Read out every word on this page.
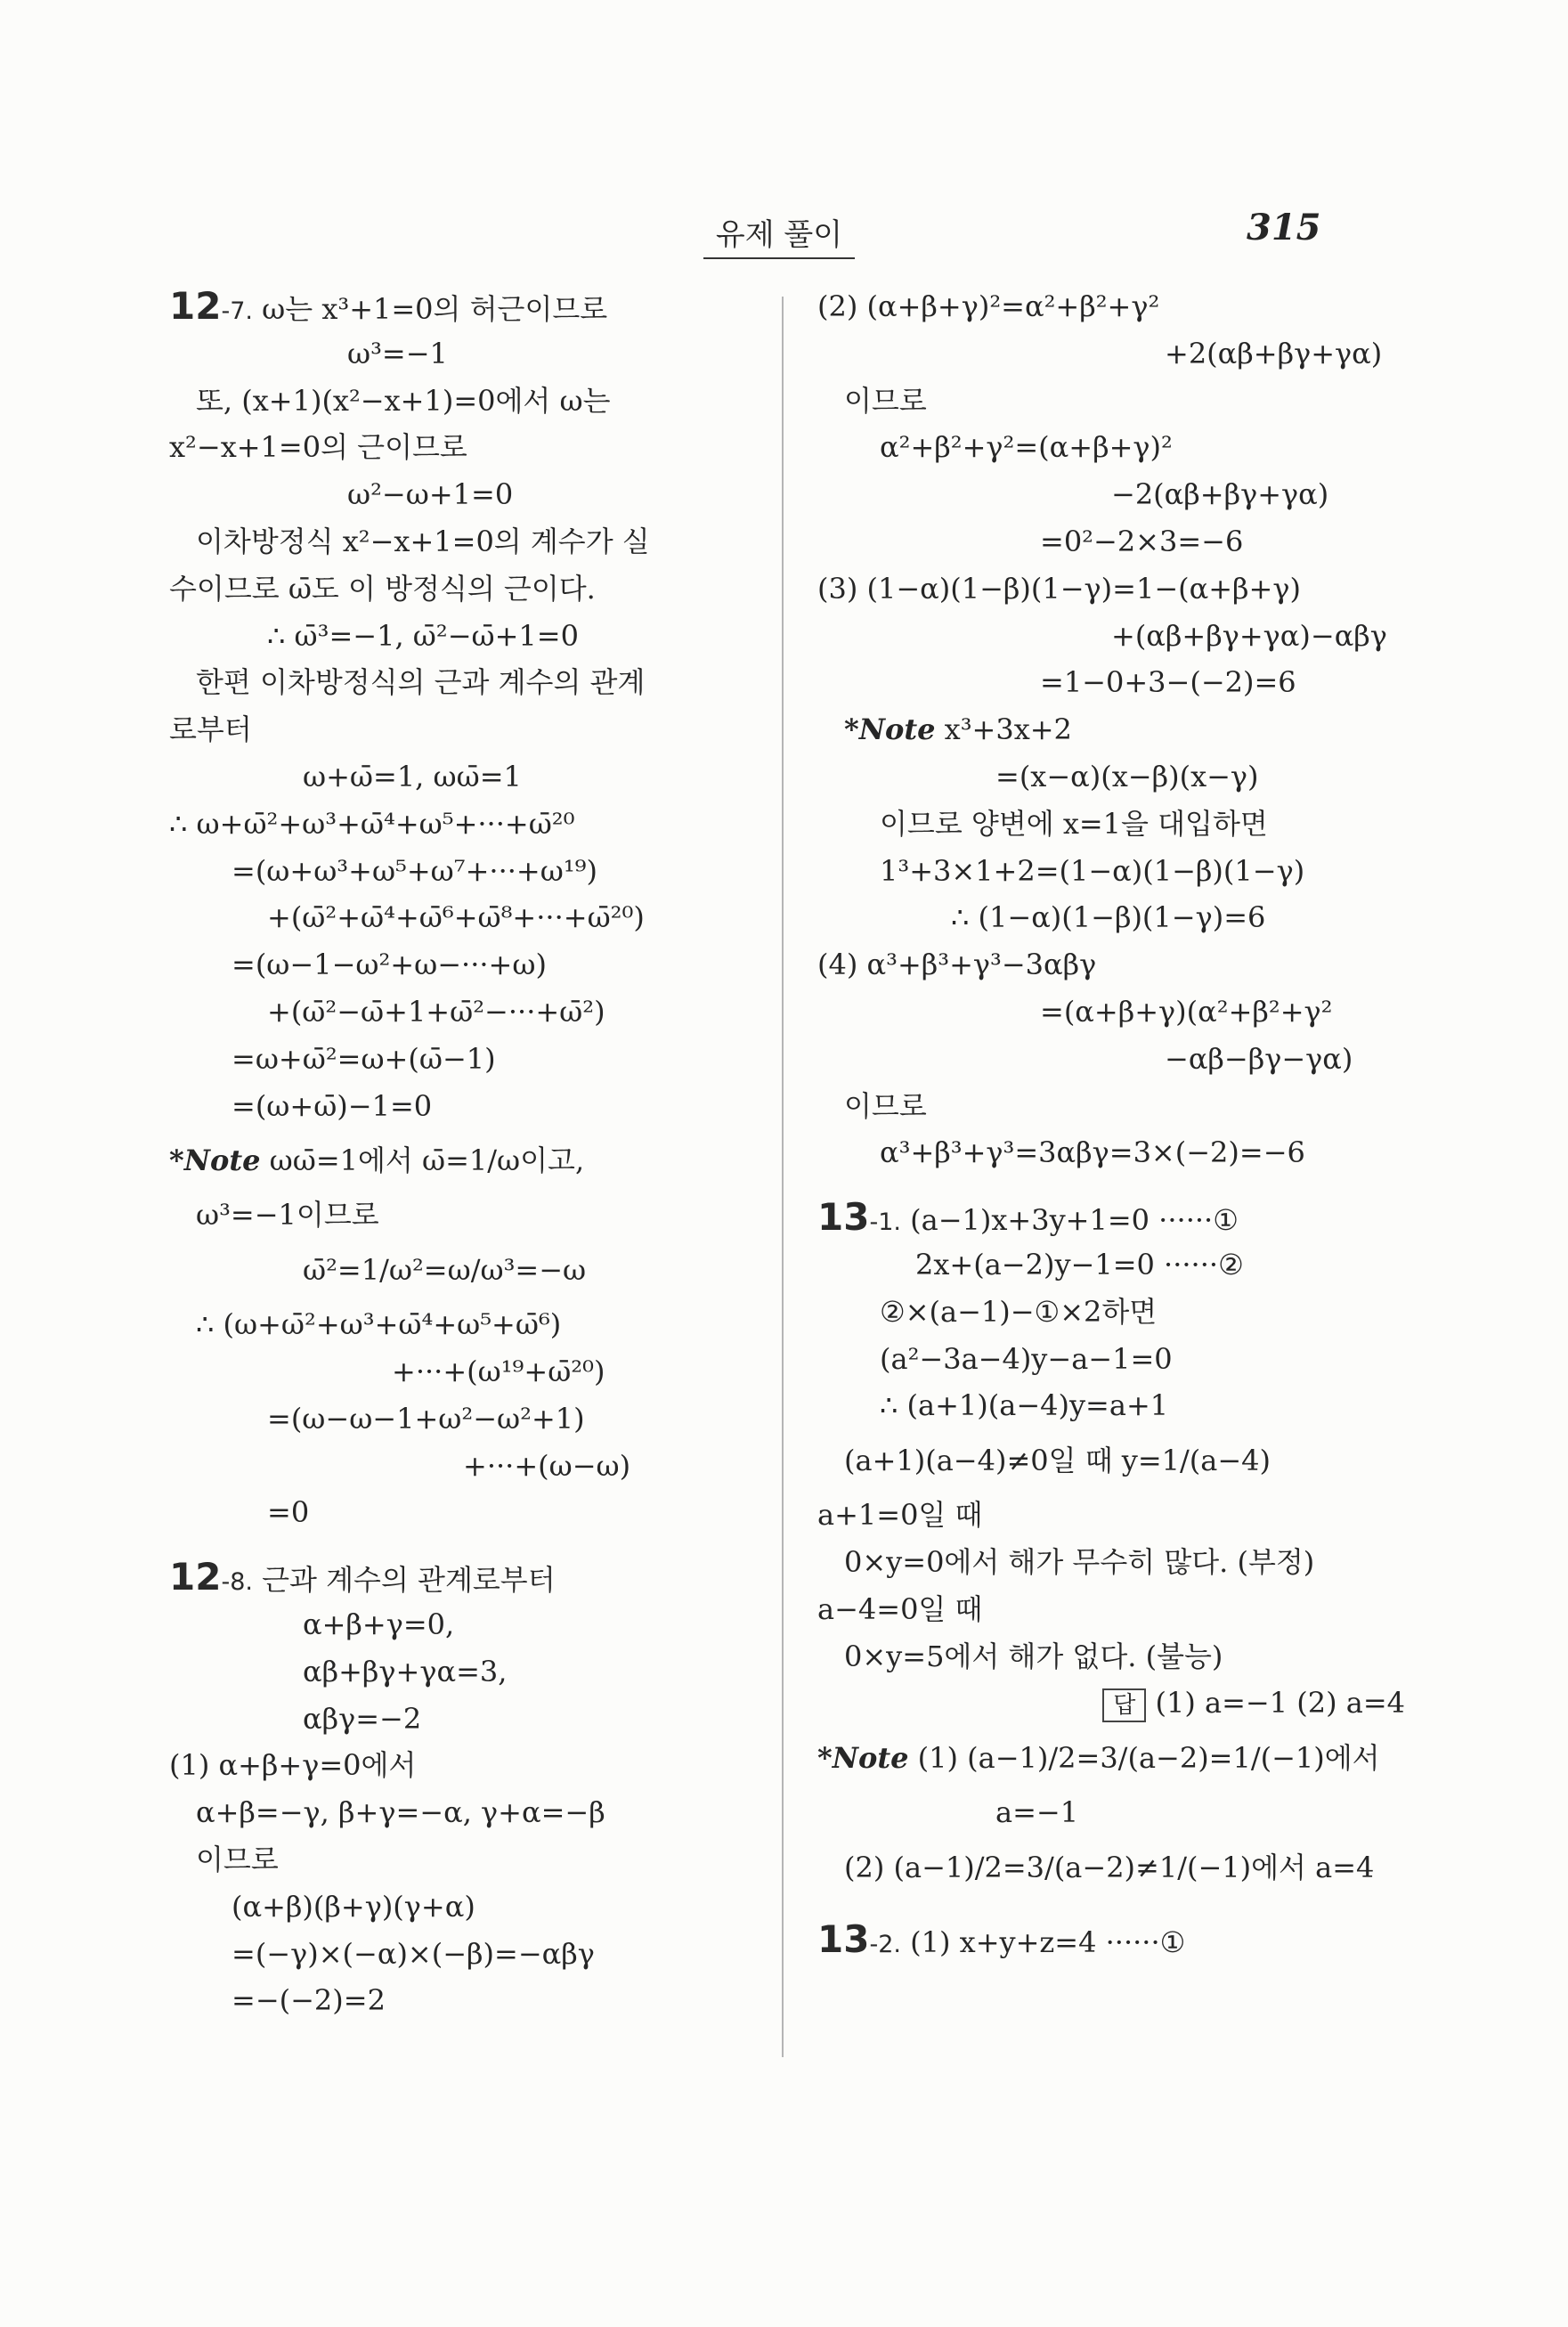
유제 풀이	315
12-7. ω는 x³+1=0의 허근이므로
ω³=−1
또, (x+1)(x²−x+1)=0에서 ω는
x²−x+1=0의 근이므로
ω²−ω+1=0
이차방정식 x²−x+1=0의 계수가 실
수이므로 ω̄도 이 방정식의 근이다.
∴ ω̄³=−1, ω̄²−ω̄+1=0
한편 이차방정식의 근과 계수의 관계
로부터
ω+ω̄=1, ωω̄=1
∴ ω+ω̄²+ω³+ω̄⁴+ω⁵+···+ω̄²⁰
=(ω+ω³+ω⁵+ω⁷+···+ω¹⁹)
+(ω̄²+ω̄⁴+ω̄⁶+ω̄⁸+···+ω̄²⁰)
=(ω−1−ω²+ω−···+ω)
+(ω̄²−ω̄+1+ω̄²−···+ω̄²)
=ω+ω̄²=ω+(ω̄−1)
=(ω+ω̄)−1=0
*Note ωω̄=1에서 ω̄=1/ω이고,
ω³=−1이므로
ω̄²=1/ω²=ω/ω³=−ω
∴ (ω+ω̄²+ω³+ω̄⁴+ω⁵+ω̄⁶)
+···+(ω¹⁹+ω̄²⁰)
=(ω−ω−1+ω²−ω²+1)
+···+(ω−ω)
=0
12-8. 근과 계수의 관계로부터
α+β+γ=0,
αβ+βγ+γα=3,
αβγ=−2
(1) α+β+γ=0에서
α+β=−γ, β+γ=−α, γ+α=−β
이므로
(α+β)(β+γ)(γ+α)
=(−γ)×(−α)×(−β)=−αβγ
=−(−2)=2
(2) (α+β+γ)²=α²+β²+γ²
+2(αβ+βγ+γα)
이므로
α²+β²+γ²=(α+β+γ)²
−2(αβ+βγ+γα)
=0²−2×3=−6
(3) (1−α)(1−β)(1−γ)=1−(α+β+γ)
+(αβ+βγ+γα)−αβγ
=1−0+3−(−2)=6
*Note x³+3x+2
=(x−α)(x−β)(x−γ)
이므로 양변에 x=1을 대입하면
1³+3×1+2=(1−α)(1−β)(1−γ)
∴ (1−α)(1−β)(1−γ)=6
(4) α³+β³+γ³−3αβγ
=(α+β+γ)(α²+β²+γ²
−αβ−βγ−γα)
이므로
α³+β³+γ³=3αβγ=3×(−2)=−6
13-1. (a−1)x+3y+1=0 ······①
2x+(a−2)y−1=0 ······②
②×(a−1)−①×2하면
(a²−3a−4)y−a−1=0
∴ (a+1)(a−4)y=a+1
(a+1)(a−4)≠0일 때 y=1/(a−4)
a+1=0일 때
0×y=0에서 해가 무수히 많다. (부정)
a−4=0일 때
0×y=5에서 해가 없다. (불능)
답 (1) a=−1 (2) a=4
*Note (1) (a−1)/2=3/(a−2)=1/(−1)에서
a=−1
(2) (a−1)/2=3/(a−2)≠1/(−1)에서 a=4
13-2. (1) x+y+z=4 ······①
